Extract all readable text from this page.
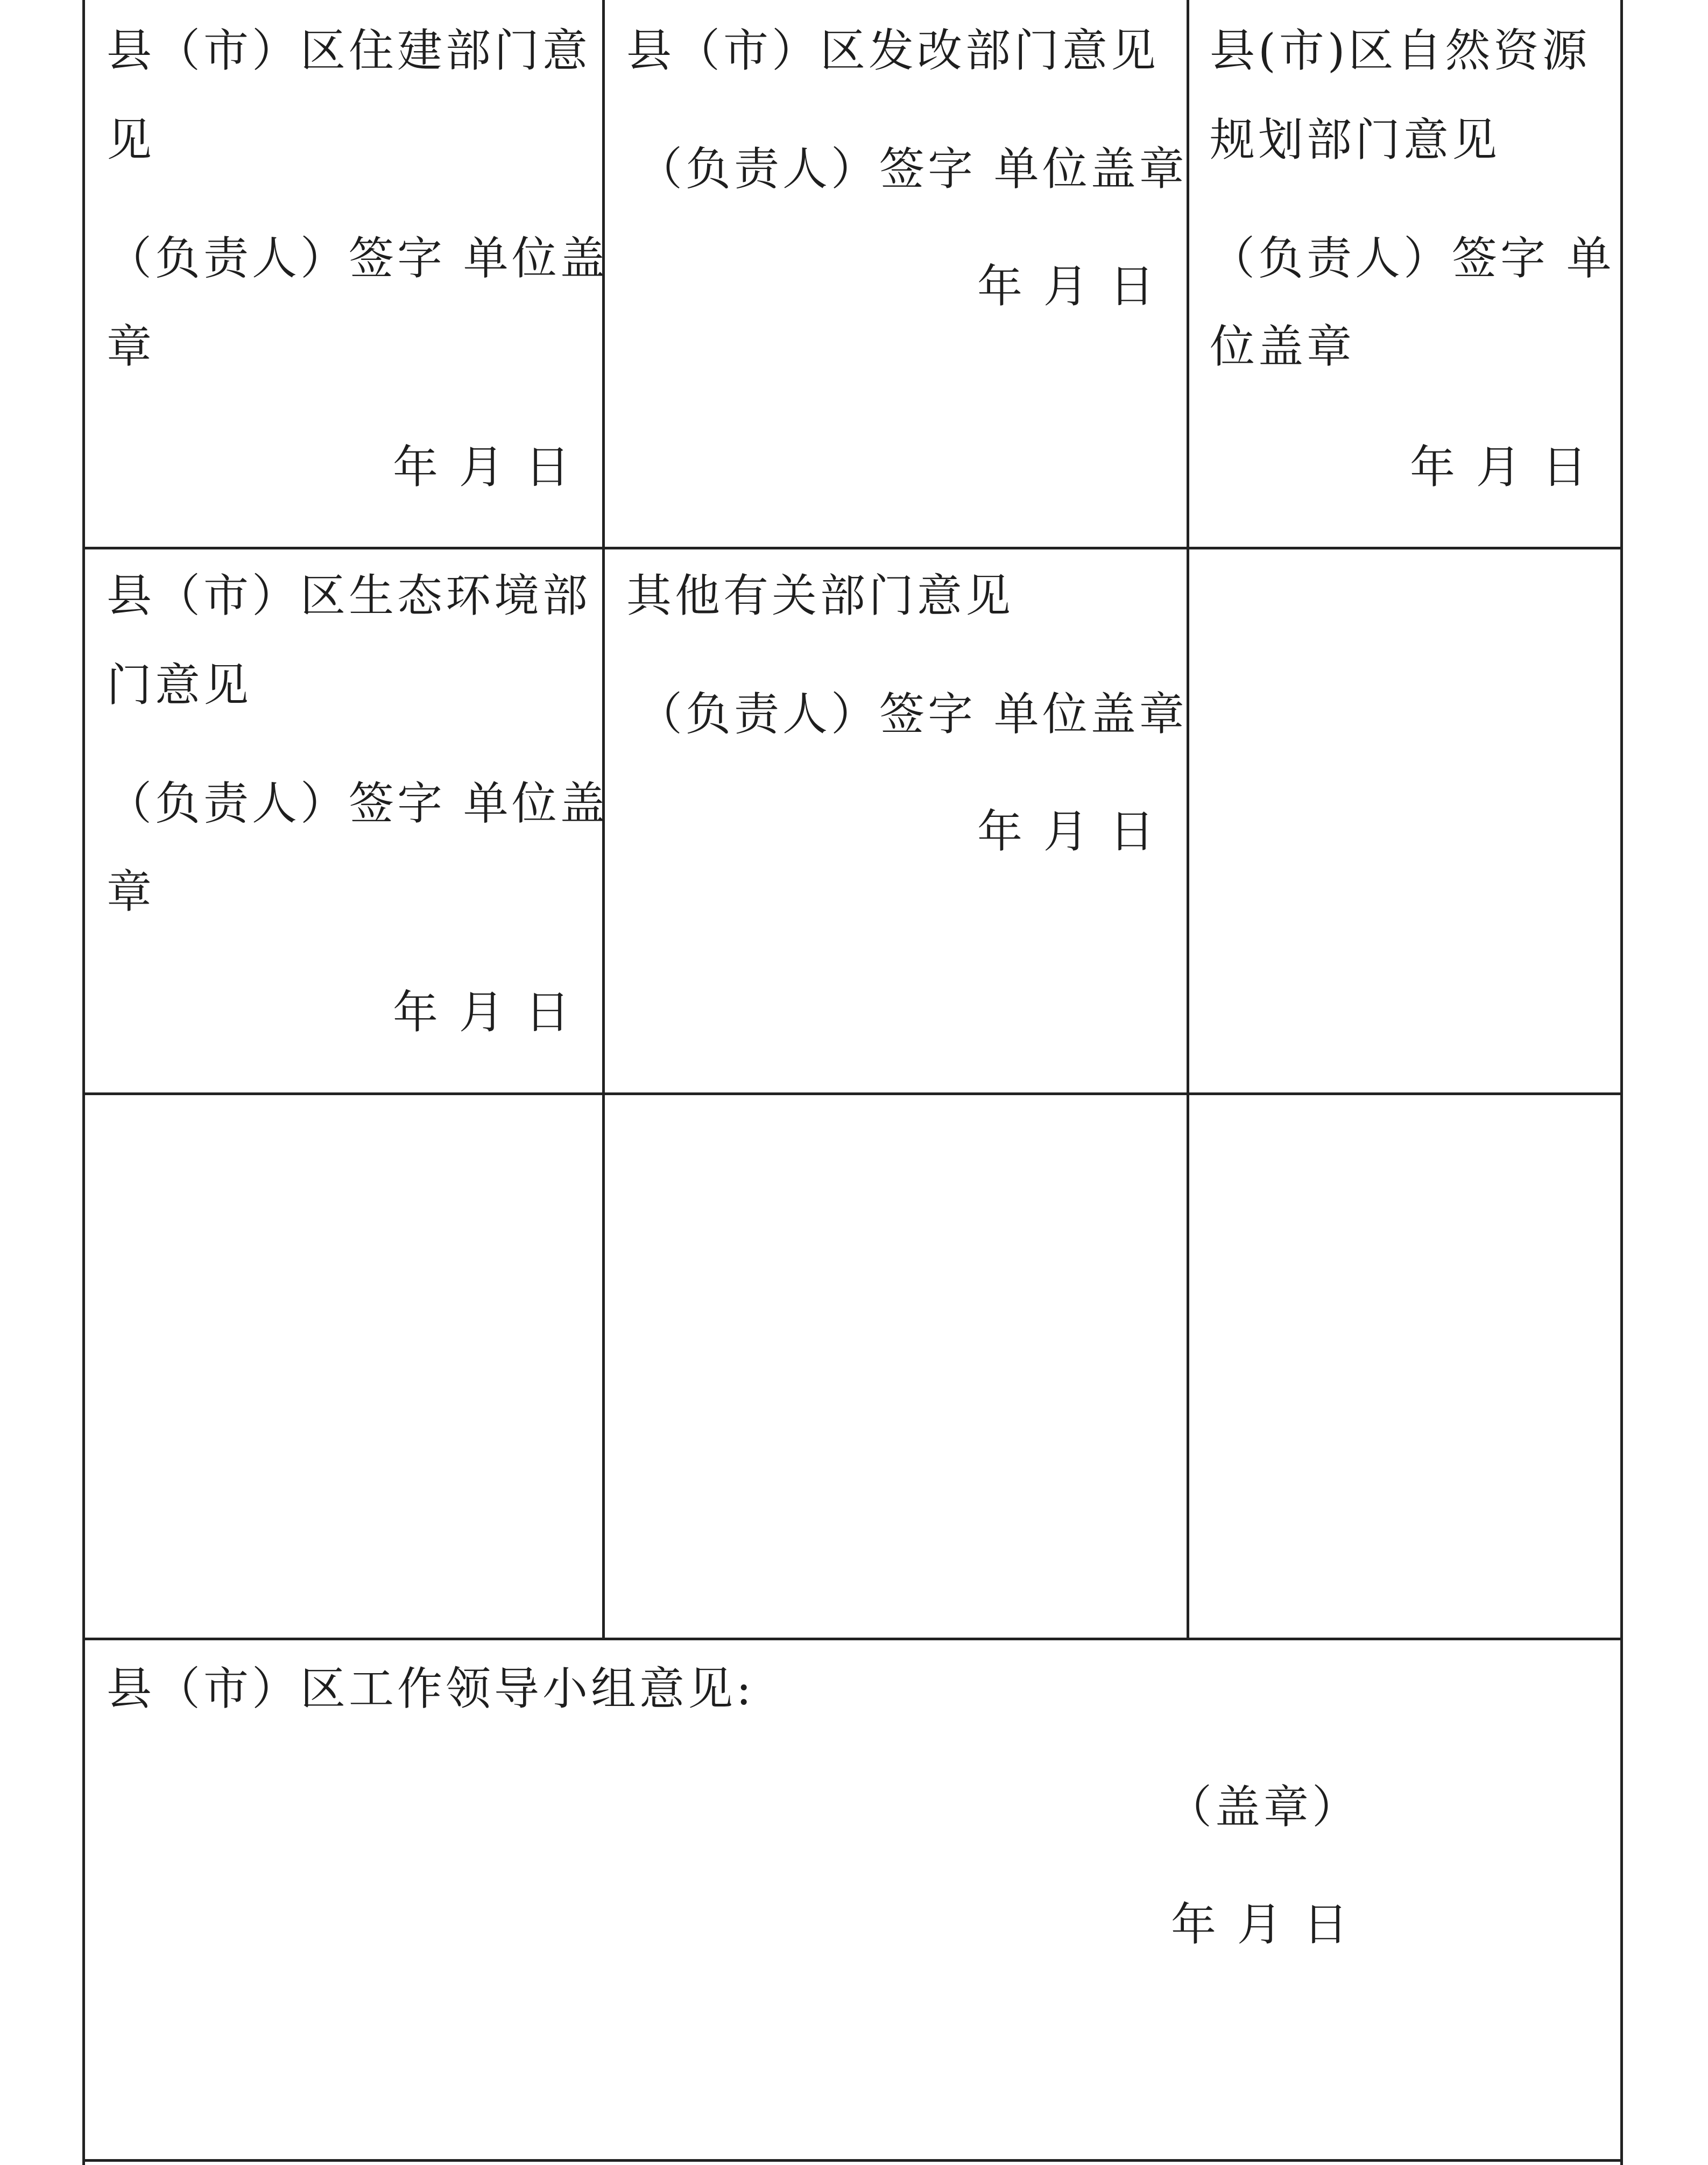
县（市）区住建部门意
见
（负责人）签字 单位盖
章
年 月 日
县（市）区发改部门意见
（负责人）签字 单位盖章
年 月 日
县(市)区自然资源
规划部门意见
（负责人）签字 单
位盖章
年 月 日
县（市）区生态环境部
门意见
（负责人）签字 单位盖
章
年 月 日
其他有关部门意见
（负责人）签字 单位盖章
年 月 日
县（市）区工作领导小组意见:
（盖章）
年 月 日
